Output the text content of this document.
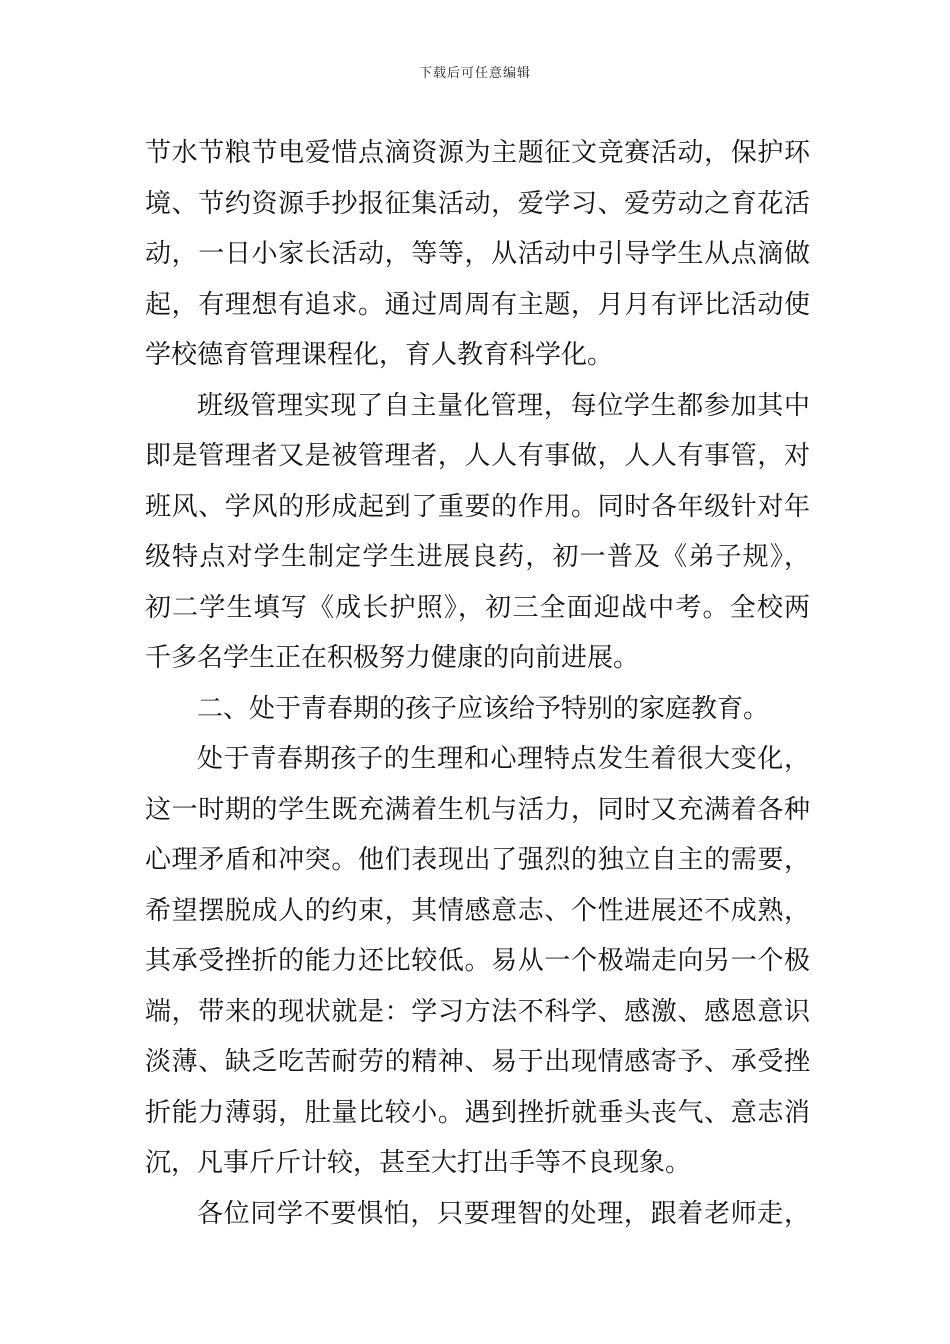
下载后可任意编辑
节水节粮节电爱惜点滴资源为主题征文竞赛活动，保护环
境、节约资源手抄报征集活动，爱学习、爱劳动之育花活
动，一日小家长活动，等等，从活动中引导学生从点滴做
起，有理想有追求。通过周周有主题，月月有评比活动使
学校德育管理课程化，育人教育科学化。
班级管理实现了自主量化管理，每位学生都参加其中
即是管理者又是被管理者，人人有事做，人人有事管，对
班风、学风的形成起到了重要的作用。同时各年级针对年
级特点对学生制定学生进展良药，初一普及《弟子规》，
初二学生填写《成长护照》，初三全面迎战中考。全校两
千多名学生正在积极努力健康的向前进展。
二、处于青春期的孩子应该给予特别的家庭教育。
处于青春期孩子的生理和心理特点发生着很大变化，
这一时期的学生既充满着生机与活力，同时又充满着各种
心理矛盾和冲突。他们表现出了强烈的独立自主的需要，
希望摆脱成人的约束，其情感意志、个性进展还不成熟，
其承受挫折的能力还比较低。易从一个极端走向另一个极
端，带来的现状就是：学习方法不科学、感激、感恩意识
淡薄、缺乏吃苦耐劳的精神、易于出现情感寄予、承受挫
折能力薄弱，肚量比较小。遇到挫折就垂头丧气、意志消
沉，凡事斤斤计较，甚至大打出手等不良现象。
各位同学不要惧怕，只要理智的处理，跟着老师走，
